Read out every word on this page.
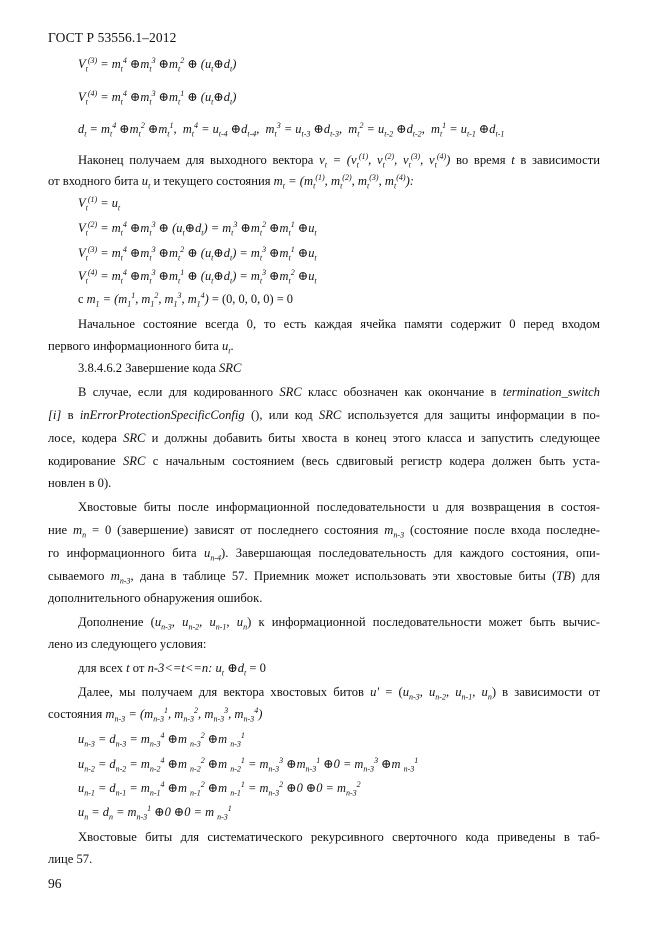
ГОСТ Р 53556.1–2012
$V_t^{(3)} = m_t^4$ $\oplus m_t^3$ $\oplus m_t^2$ ⊕ $(u_t\oplus d_t)$
$V_t^{(4)} = m_t^4$ $\oplus m_t^3$ $\oplus m_t^1$ ⊕ $(u_t\oplus d_t)$
$d_t = m_t^4$ $\oplus m_t^2$ $\oplus m_t^1$,  $m_t^4 = u_{t-4}$ $\oplus d_{t-4}$,  $m_t^3 = u_{t-3}$ $\oplus d_{t-3}$,  $m_t^2 = u_{t-2}$ $\oplus d_{t-2}$,  $m_t^1 = u_{t-1}$ $\oplus d_{t-1}$
Наконец получаем для выходного вектора $v_t = (v_t^{(1)}$, $v_t^{(2)}$, $v_t^{(3)}$, $v_t^{(4)}$) во время t в зависимости
от входного бита $u_t$ и текущего состояния $m_t = (m_t^{(1)}$, $m_t^{(2)}$, $m_t^{(3)}$, $m_t^{(4)}$):
$V_t^{(1)} = u_t$
$V_t^{(2)} = m_t^4$ $\oplus m_t^3$ ⊕ $(u_t\oplus d_t) = m_t^3$ $\oplus m_t^2$ $\oplus m_t^1$ $\oplus u_t$
$V_t^{(3)} = m_t^4$ $\oplus m_t^3$ $\oplus m_t^2$ ⊕ $(u_t\oplus d_t) = m_t^3$ $\oplus m_t^1$ $\oplus u_t$
$V_t^{(4)} = m_t^4$ $\oplus m_t^3$ $\oplus m_t^1$ ⊕ $(u_t\oplus d_t) = m_t^3$ $\oplus m_t^2$ $\oplus u_t$
с $m_1 = (m_1^1$, $m_1^2$, $m_1^3$, $m_1^4) = (0$, 0, 0, 0) = 0
Начальное состояние всегда 0, то есть каждая ячейка памяти содержит 0 перед входом
первого информационного бита $u_t$.
3.8.4.6.2 Завершение кода SRC
В случае, если для кодированного SRC класс обозначен как окончание в termination_switch
[i] в inErrorProtectionSpecificConfig (), или код SRC используется для защиты информации в по-
лосе, кодера SRC и должны добавить биты хвоста в конец этого класса и запустить следующее
кодирование SRC с начальным состоянием (весь сдвиговый регистр кодера должен быть уста-
новлен в 0).
Хвостовые биты после информационной последовательности u для возвращения в состоя-
ние $m_n = 0$ (завершение) зависят от последнего состояния $m_{n-3}$ (состояние после входа последне-
го информационного бита $u_{n-4}$). Завершающая последовательность для каждого состояния, опи-
сываемого $m_{n-3}$, дана в таблице 57. Приемник может использовать эти хвостовые биты (TB) для
дополнительного обнаружения ошибок.
Дополнение ($u_{n-3}$, $u_{n-2}$, $u_{n-1}$, $u_n$) к информационной последовательности может быть вычис-
лено из следующего условия:
для всех t от n-3<=t<=n: $u_t$ $\oplus d_t = 0$
Далее, мы получаем для вектора хвостовых битов $u' = (u_{n-3}$, $u_{n-2}$, $u_{n-1}$, $u_n$) в зависимости от
состояния $m_{n-3} = (m_{n-3}^1$, $m_{n-3}^2$, $m_{n-3}^3$, $m_{n-3}^4$)
$u_{n-3} = d_{n-3} = m_{n-3}^4$ ⊕m $_{n-3}^2$ ⊕m $_{n-3}^1$
$u_{n-2} = d_{n-2} = m_{n-2}^4$ ⊕m $_{n-2}^2$ ⊕m $_{n-2}^1 = m_{n-3}^3$ $\oplus m_{n-3}^1$ ⊕0 = $m_{n-3}^3$ ⊕m $_{n-3}^1$
$u_{n-1} = d_{n-1} = m_{n-1}^4$ ⊕m $_{n-1}^2$ ⊕m $_{n-1}^1 = m_{n-3}^2$ ⊕0 ⊕0 = $m_{n-3}^2$
$u_n = d_n = m_{n-3}^1$ ⊕0 ⊕0 = m $_{n-3}^1$
Хвостовые биты для систематического рекурсивного сверточного кода приведены в таб-
лице 57.
96
